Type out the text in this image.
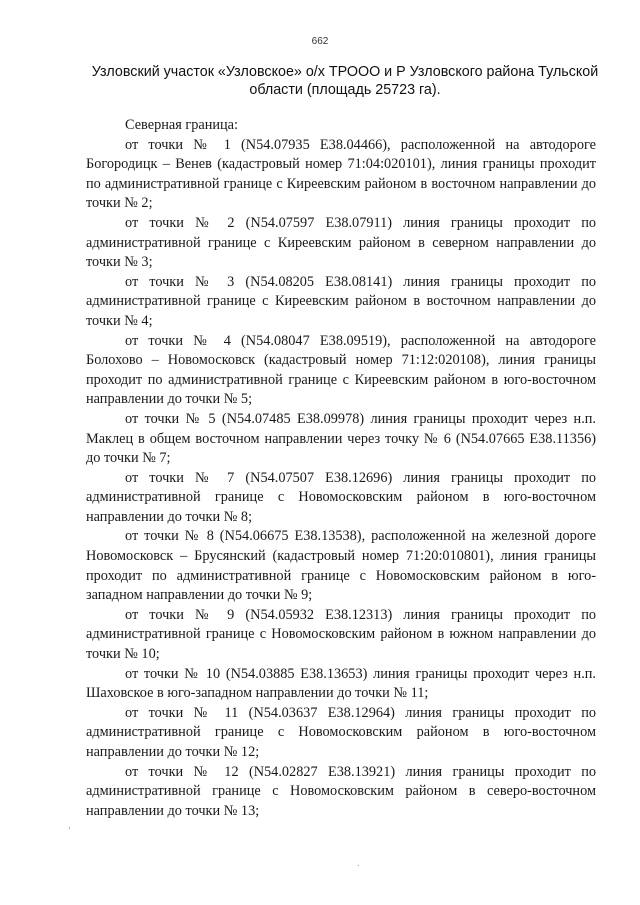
662
Узловский участок «Узловское» о/х ТРООО и Р Узловского района Тульской области (площадь 25723 га).

Северная граница:

от точки № 1 (N54.07935 E38.04466), расположенной на автодороге Богородицк – Венев (кадастровый номер 71:04:020101), линия границы проходит по административной границе с Киреевским районом в восточном направлении до точки № 2;

от точки № 2 (N54.07597 E38.07911) линия границы проходит по административной границе с Киреевским районом в северном направлении до точки № 3;

от точки № 3 (N54.08205 E38.08141) линия границы проходит по административной границе с Киреевским районом в восточном направлении до точки № 4;

от точки № 4 (N54.08047 E38.09519), расположенной на автодороге Болохово – Новомосковск (кадастровый номер 71:12:020108), линия границы проходит по административной границе с Киреевским районом в юго-восточном направлении до точки № 5;

от точки № 5 (N54.07485 E38.09978) линия границы проходит через н.п. Маклец в общем восточном направлении через точку № 6 (N54.07665 E38.11356) до точки № 7;

от точки № 7 (N54.07507 E38.12696) линия границы проходит по административной границе с Новомосковским районом в юго-восточном направлении до точки № 8;

от точки № 8 (N54.06675 E38.13538), расположенной на железной дороге Новомосковск – Брусянский (кадастровый номер 71:20:010801), линия границы проходит по административной границе с Новомосковским районом в юго-западном направлении до точки № 9;

от точки № 9 (N54.05932 E38.12313) линия границы проходит по административной границе с Новомосковским районом в южном направлении до точки № 10;

от точки № 10 (N54.03885 E38.13653) линия границы проходит через н.п. Шаховское в юго-западном направлении до точки № 11;

от точки № 11 (N54.03637 E38.12964) линия границы проходит по административной границе с Новомосковским районом в юго-восточном направлении до точки № 12;

от точки № 12 (N54.02827 E38.13921) линия границы проходит по административной границе с Новомосковским районом в северо-восточном направлении до точки № 13;

,
.
